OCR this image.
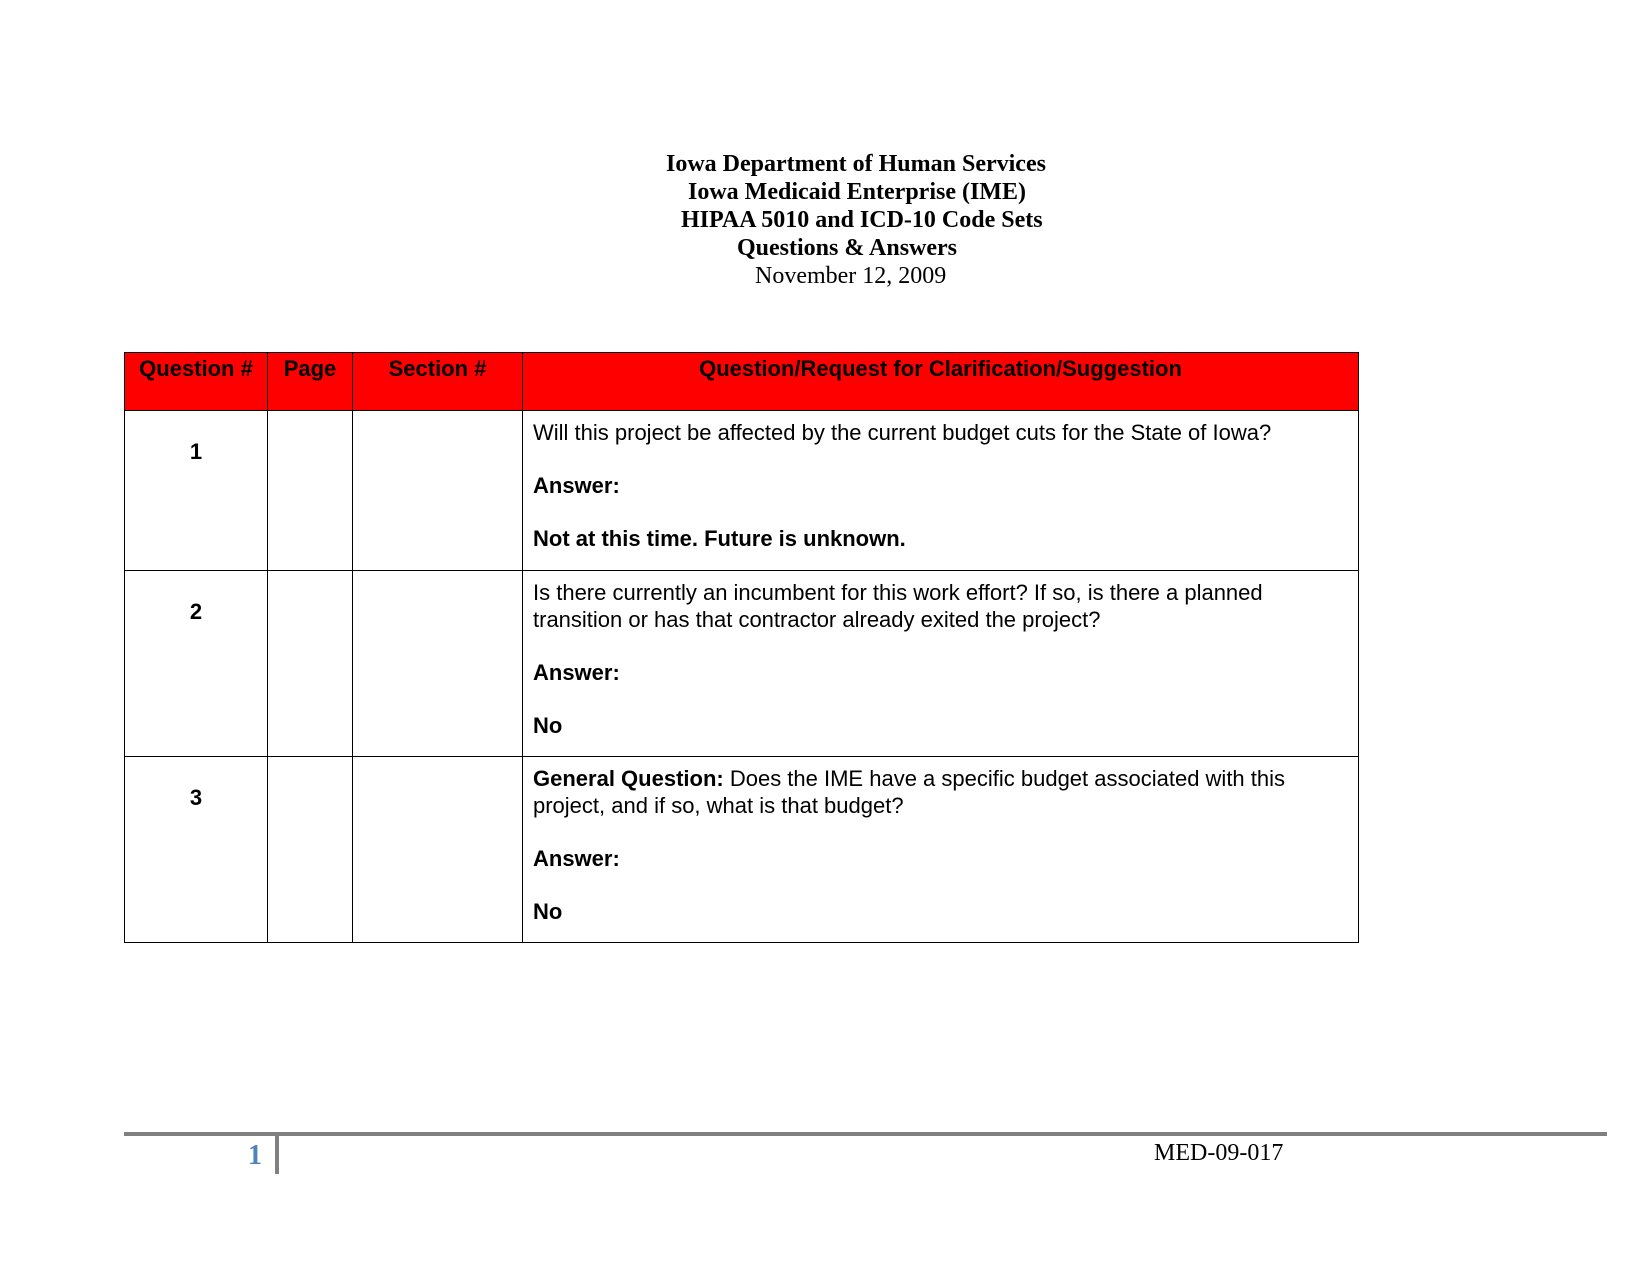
Iowa Department of Human Services
Iowa Medicaid Enterprise (IME)
HIPAA 5010 and ICD-10 Code Sets
Questions & Answers
November 12, 2009
Question #	Page	Section #	Question/Request for Clarification/Suggestion
1			Will this project be affected by the current budget cuts for the State of Iowa?

Answer:

Not at this time. Future is unknown.

2			Is there currently an incumbent for this work effort? If so, is there a planned transition or has that contractor already exited the project?

Answer:

No

3			General Question: Does the IME have a specific budget associated with this project, and if so, what is that budget?

Answer:

No

1	MED-09-017
